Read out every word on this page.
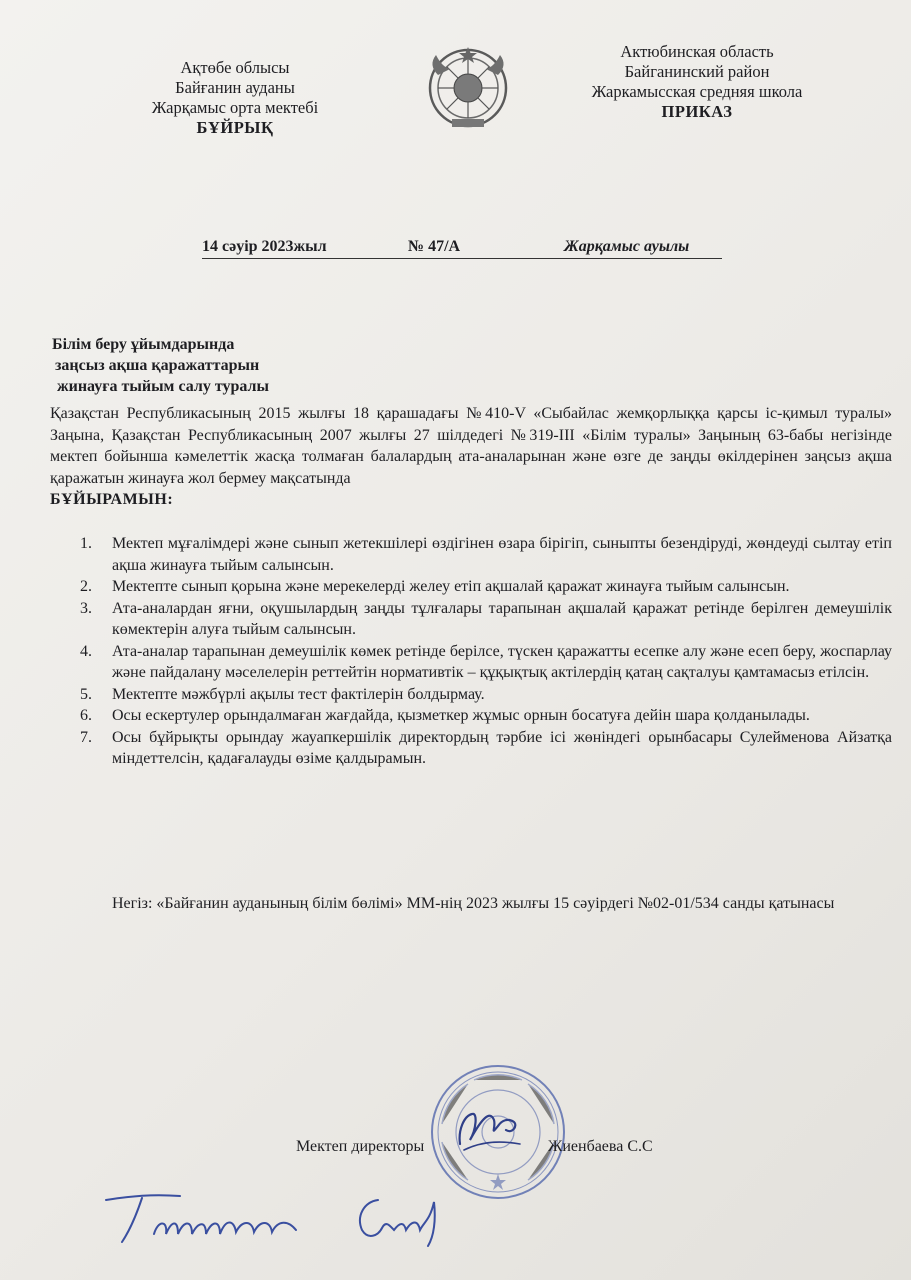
Ақтөбе облысы
Байғанин ауданы
Жарқамыс орта мектебі
БҰЙРЫҚ
Актюбинская область
Байганинский район
Жаркамысская средняя школа
ПРИКАЗ
14 сәуір 2023жыл	№ 47/А	Жарқамыс ауылы
Білім беру ұйымдарында
заңсыз ақша қаражаттарын
жинауға тыйым салу туралы
Қазақстан Республикасының 2015 жылғы 18 қарашадағы №410-V «Сыбайлас жемқорлыққа қарсы іс-қимыл туралы» Заңына, Қазақстан Республикасының 2007 жылғы 27 шілдедегі №319-ІІІ «Білім туралы» Заңының 63-бабы негізінде мектеп бойынша кәмелеттік жасқа толмаған балалардың ата-аналарынан және өзге де заңды өкілдерінен заңсыз ақша қаражатын жинауға жол бермеу мақсатында
БҰЙЫРАМЫН:
1. Мектеп мұғалімдері және сынып жетекшілері өздігінен өзара бірігіп, сыныпты безендіруді, жөндеуді сылтау етіп ақша жинауға тыйым салынсын.
2. Мектепте сынып қорына және мерекелерді желеу етіп ақшалай қаражат жинауға тыйым салынсын.
3. Ата-аналардан яғни, оқушылардың заңды тұлғалары тарапынан ақшалай қаражат ретінде берілген демеушілік көмектерін алуға тыйым салынсын.
4. Ата-аналар тарапынан демеушілік көмек ретінде берілсе, түскен қаражатты есепке алу және есеп беру, жоспарлау және пайдалану мәселелерін реттейтін нормативтік – құқықтық актілердің қатаң сақталуы қамтамасыз етілсін.
5. Мектепте мәжбүрлі ақылы тест фактілерін болдырмау.
6. Осы ескертулер орындалмаған жағдайда, қызметкер жұмыс орнын босатуға дейін шара қолданылады.
7. Осы бұйрықты орындау жауапкершілік директордың тәрбие ісі жөніндегі орынбасары Сулейменова Айзатқа міндеттелсін, қадағалауды өзіме қалдырамын.
Негіз: «Байғанин ауданының білім бөлімі» ММ-нің 2023 жылғы 15 сәуірдегі №02-01/534 санды қатынасы
Мектеп директоры	Жиенбаева С.С
